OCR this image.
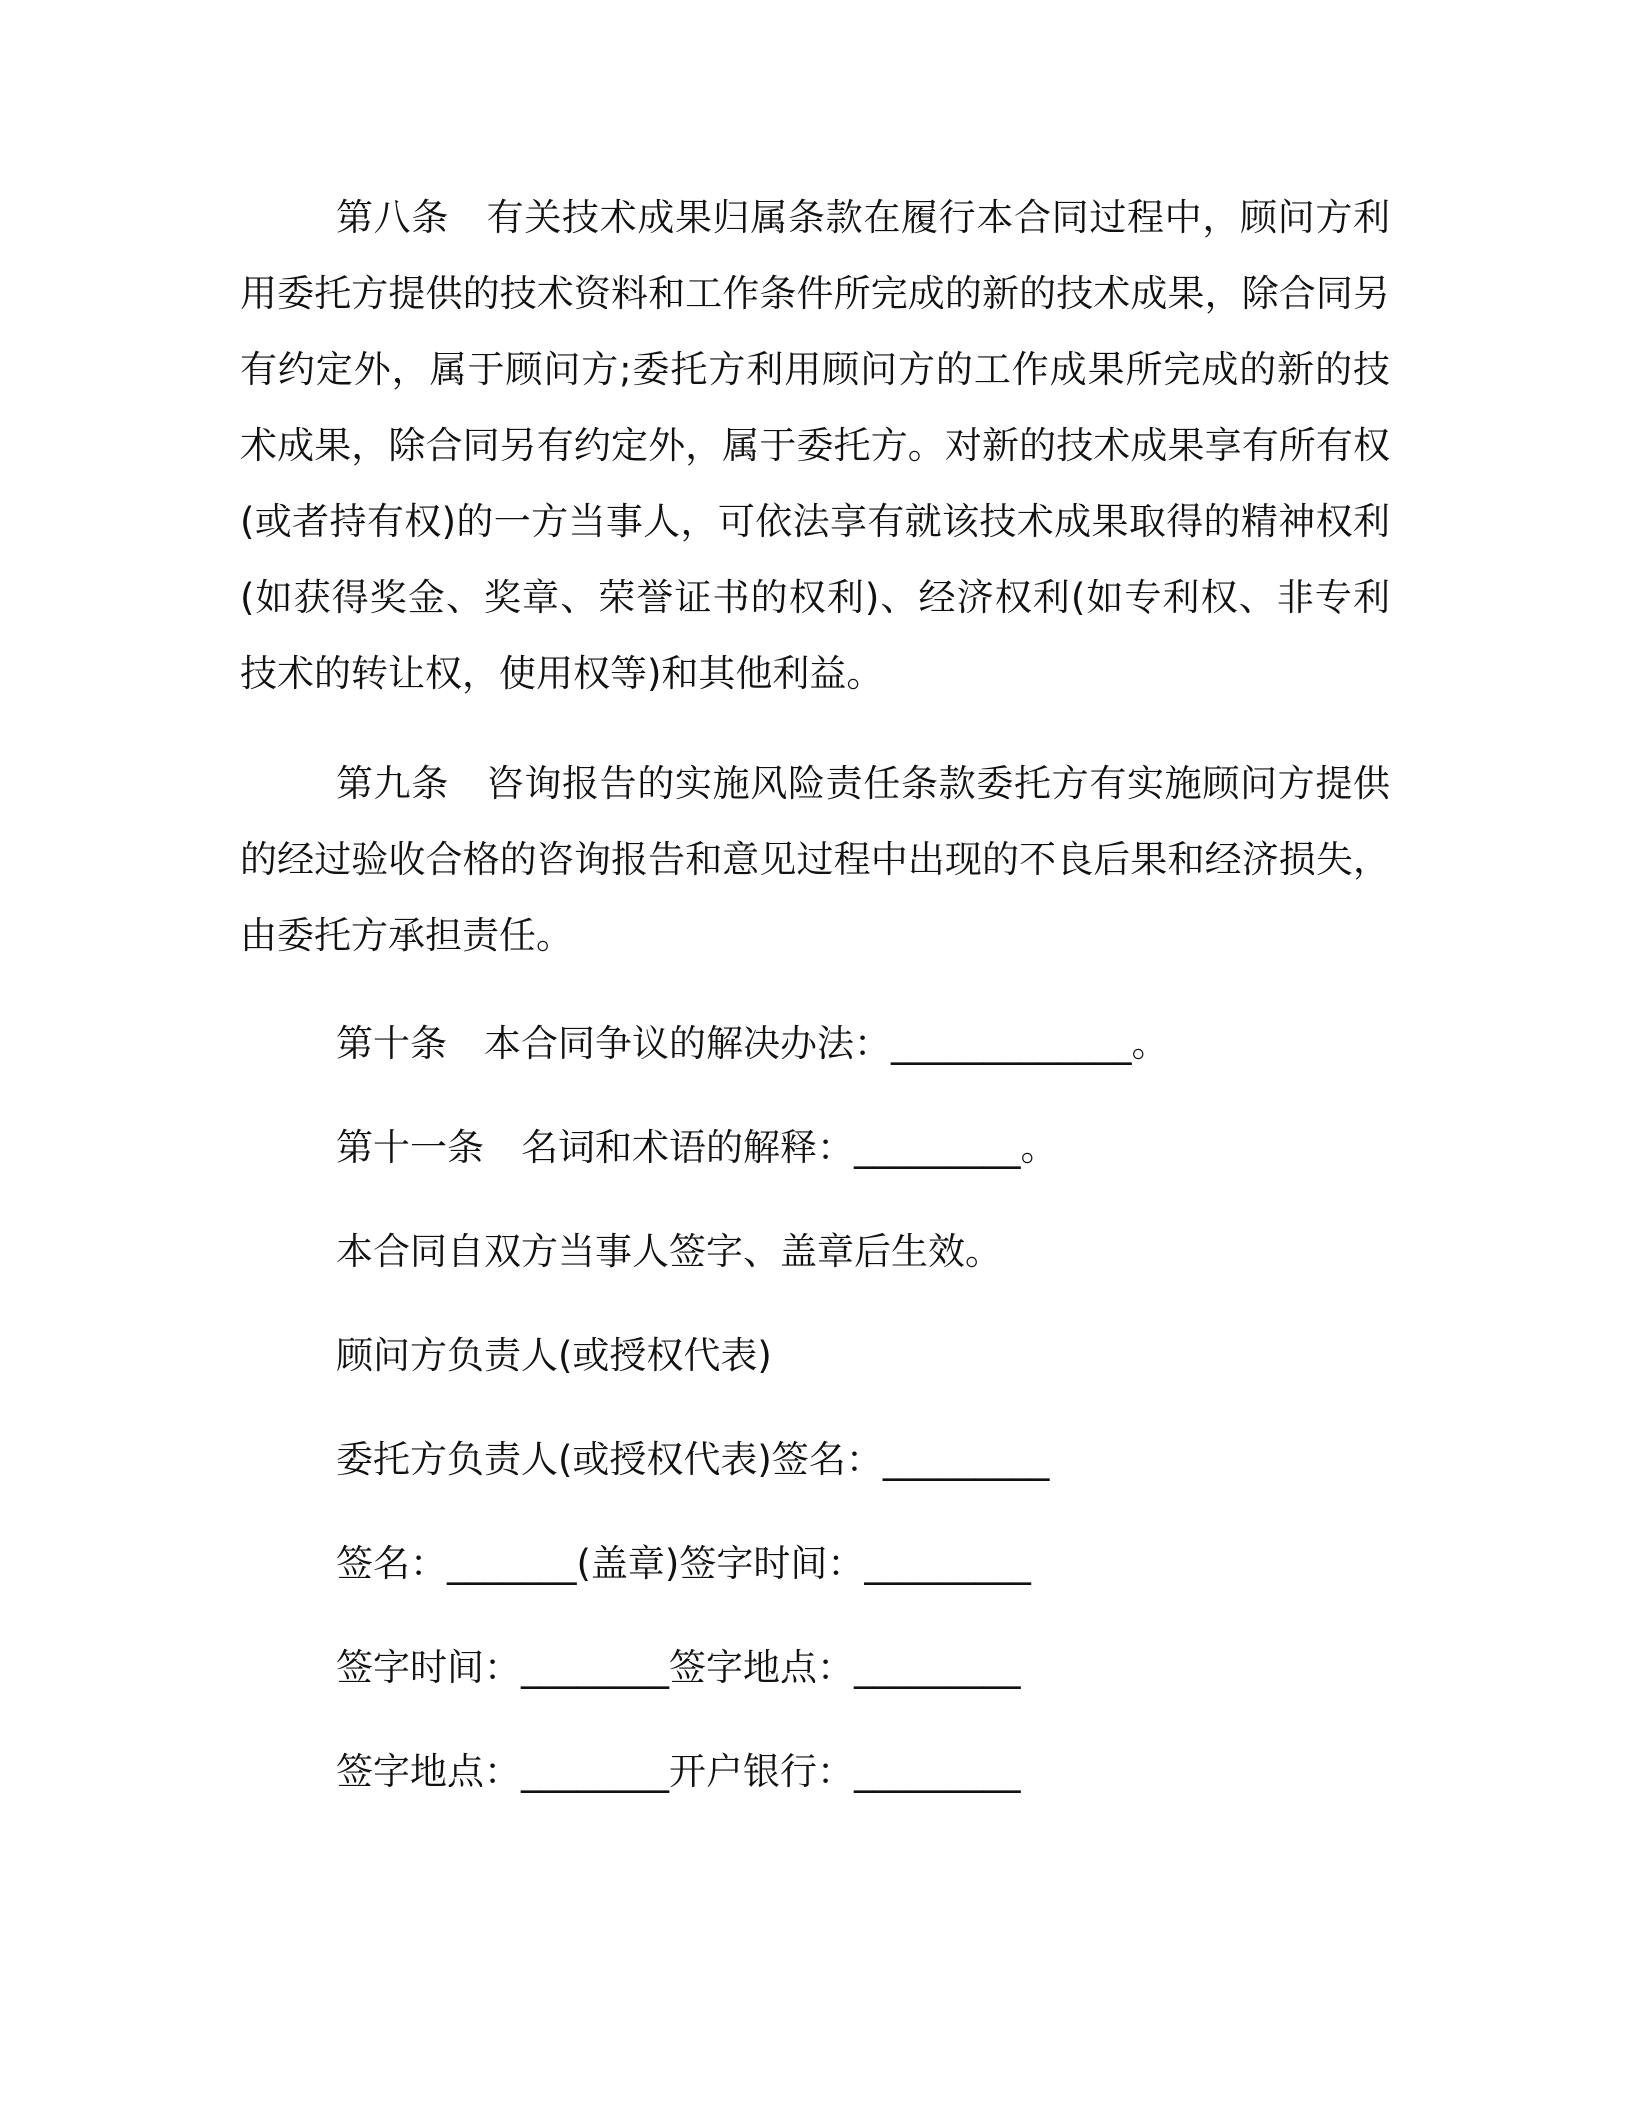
第八条　有关技术成果归属条款在履行本合同过程中，顾问方利用委托方提供的技术资料和工作条件所完成的新的技术成果，除合同另有约定外，属于顾问方;委托方利用顾问方的工作成果所完成的新的技术成果，除合同另有约定外，属于委托方。对新的技术成果享有所有权(或者持有权)的一方当事人，可依法享有就该技术成果取得的精神权利(如获得奖金、奖章、荣誉证书的权利)、经济权利(如专利权、非专利技术的转让权，使用权等)和其他利益。

第九条　咨询报告的实施风险责任条款委托方有实施顾问方提供的经过验收合格的咨询报告和意见过程中出现的不良后果和经济损失，由委托方承担责任。

第十条　本合同争议的解决办法：_____________。

第十一条　名词和术语的解释：_________。

本合同自双方当事人签字、盖章后生效。

顾问方负责人(或授权代表)

委托方负责人(或授权代表)签名：_________

签名：_______(盖章)签字时间：_________

签字时间：________签字地点：_________

签字地点：________开户银行：_________
